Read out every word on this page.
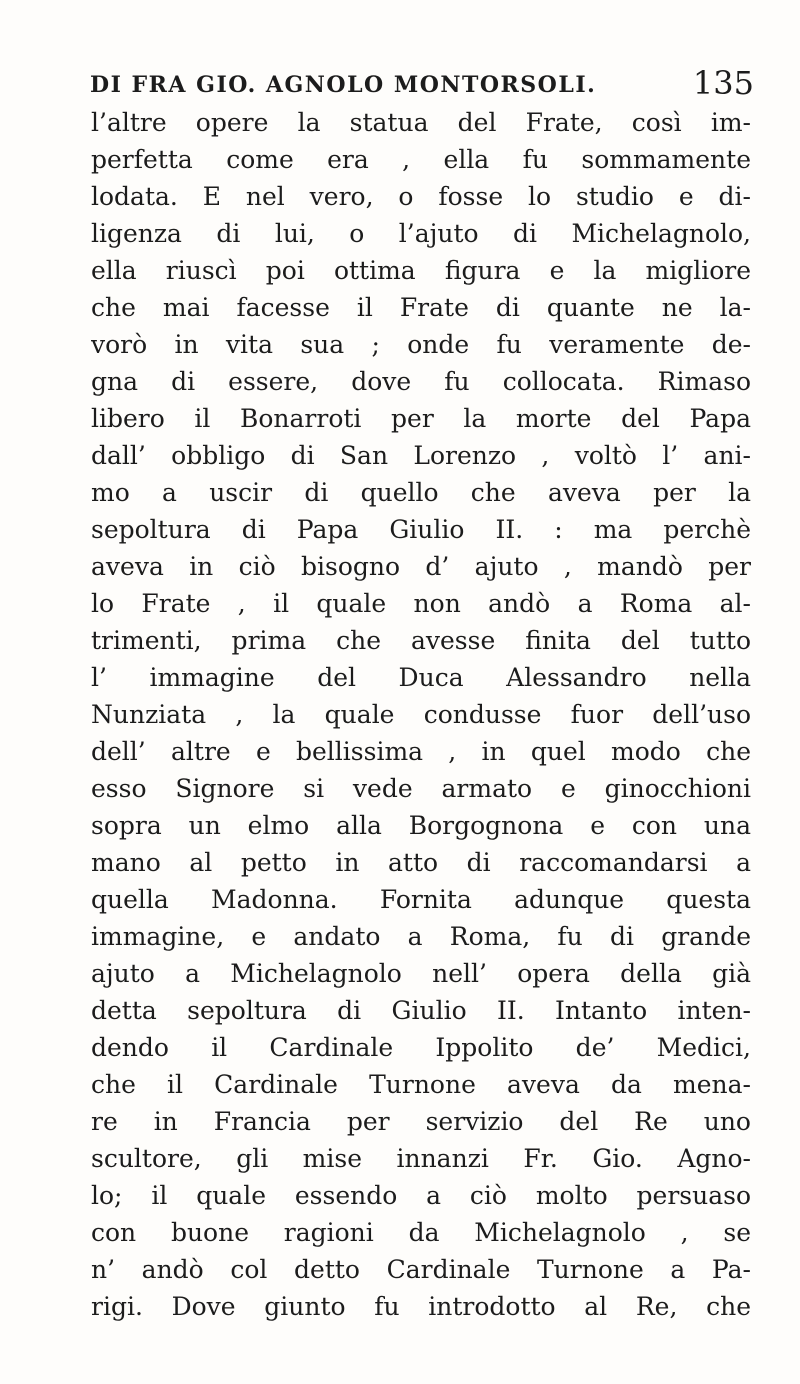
DI FRA GIO. AGNOLO MONTORSOLI.	135
l’altre opere la statua del Frate, così im-
perfetta come era , ella fu sommamente
lodata. E nel vero, o fosse lo studio e di-
ligenza di lui, o l’ajuto di Michelagnolo,
ella riuscì poi ottima figura e la migliore
che mai facesse il Frate di quante ne la-
vorò in vita sua ; onde fu veramente de-
gna di essere, dove fu collocata. Rimaso
libero il Bonarroti per la morte del Papa
dall’ obbligo di San Lorenzo , voltò l’ ani-
mo a uscir di quello che aveva per la
sepoltura di Papa Giulio II. : ma perchè
aveva in ciò bisogno d’ ajuto , mandò per
lo Frate , il quale non andò a Roma al-
trimenti, prima che avesse finita del tutto
l’ immagine del Duca Alessandro nella
Nunziata , la quale condusse fuor dell’uso
dell’ altre e bellissima , in quel modo che
esso Signore si vede armato e ginocchioni
sopra un elmo alla Borgognona e con una
mano al petto in atto di raccomandarsi a
quella Madonna. Fornita adunque questa
immagine, e andato a Roma, fu di grande
ajuto a Michelagnolo nell’ opera della già
detta sepoltura di Giulio II. Intanto inten-
dendo il Cardinale Ippolito de’ Medici,
che il Cardinale Turnone aveva da mena-
re in Francia per servizio del Re uno
scultore, gli mise innanzi Fr. Gio. Agno-
lo; il quale essendo a ciò molto persuaso
con buone ragioni da Michelagnolo , se
n’ andò col detto Cardinale Turnone a Pa-
rigi. Dove giunto fu introdotto al Re, che
